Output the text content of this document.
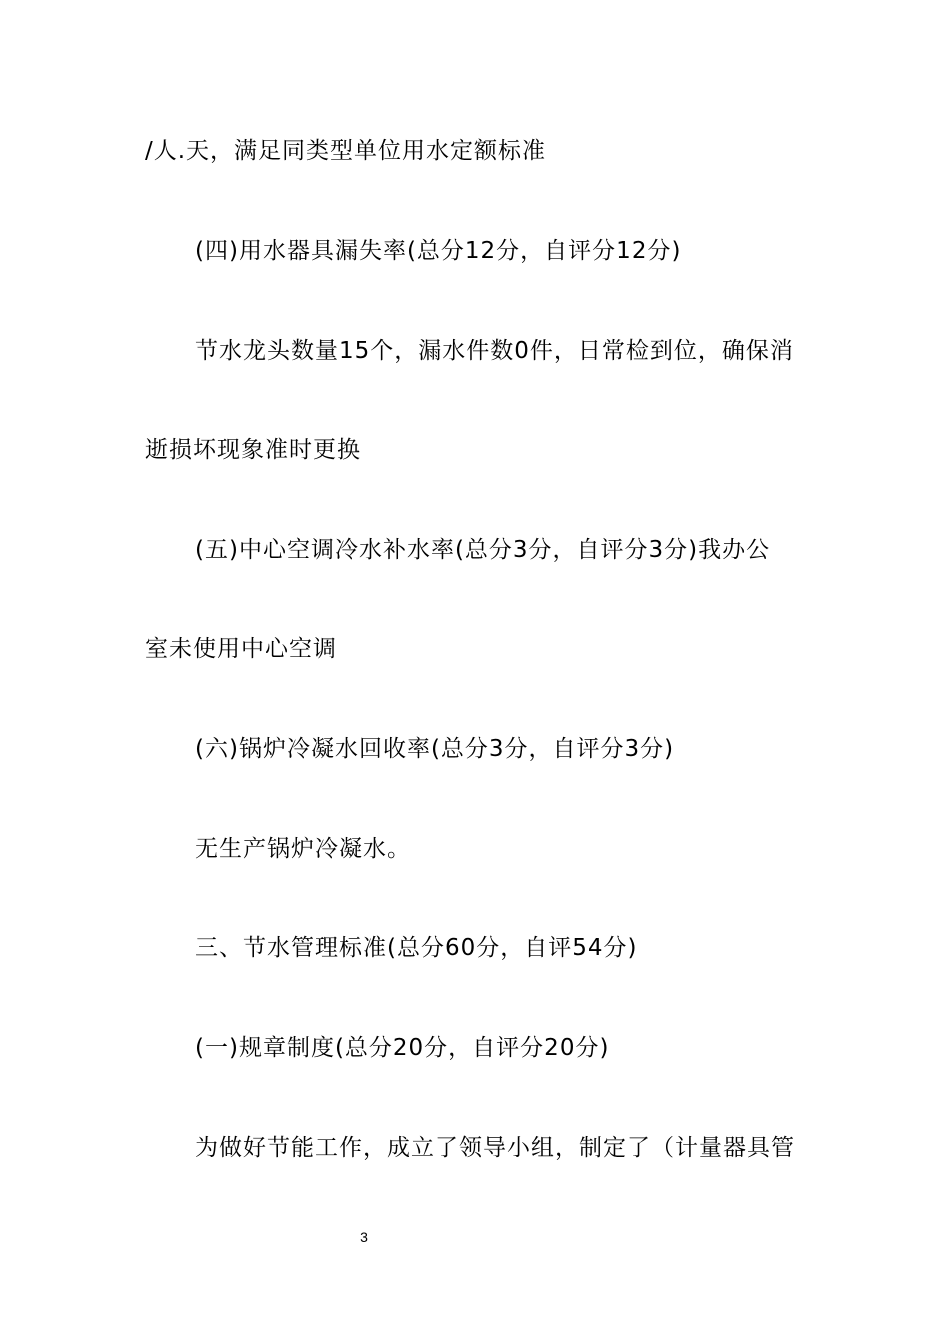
/人.天，满足同类型单位用水定额标准
(四)用水器具漏失率(总分12分，自评分12分)
节水龙头数量15个，漏水件数0件，日常检到位，确保消
逝损坏现象准时更换
(五)中心空调冷水补水率(总分3分，自评分3分)我办公
室未使用中心空调
(六)锅炉冷凝水回收率(总分3分，自评分3分)
无生产锅炉冷凝水。
三、节水管理标准(总分60分，自评54分)
(一)规章制度(总分20分，自评分20分)
为做好节能工作，成立了领导小组，制定了（计量器具管
3
